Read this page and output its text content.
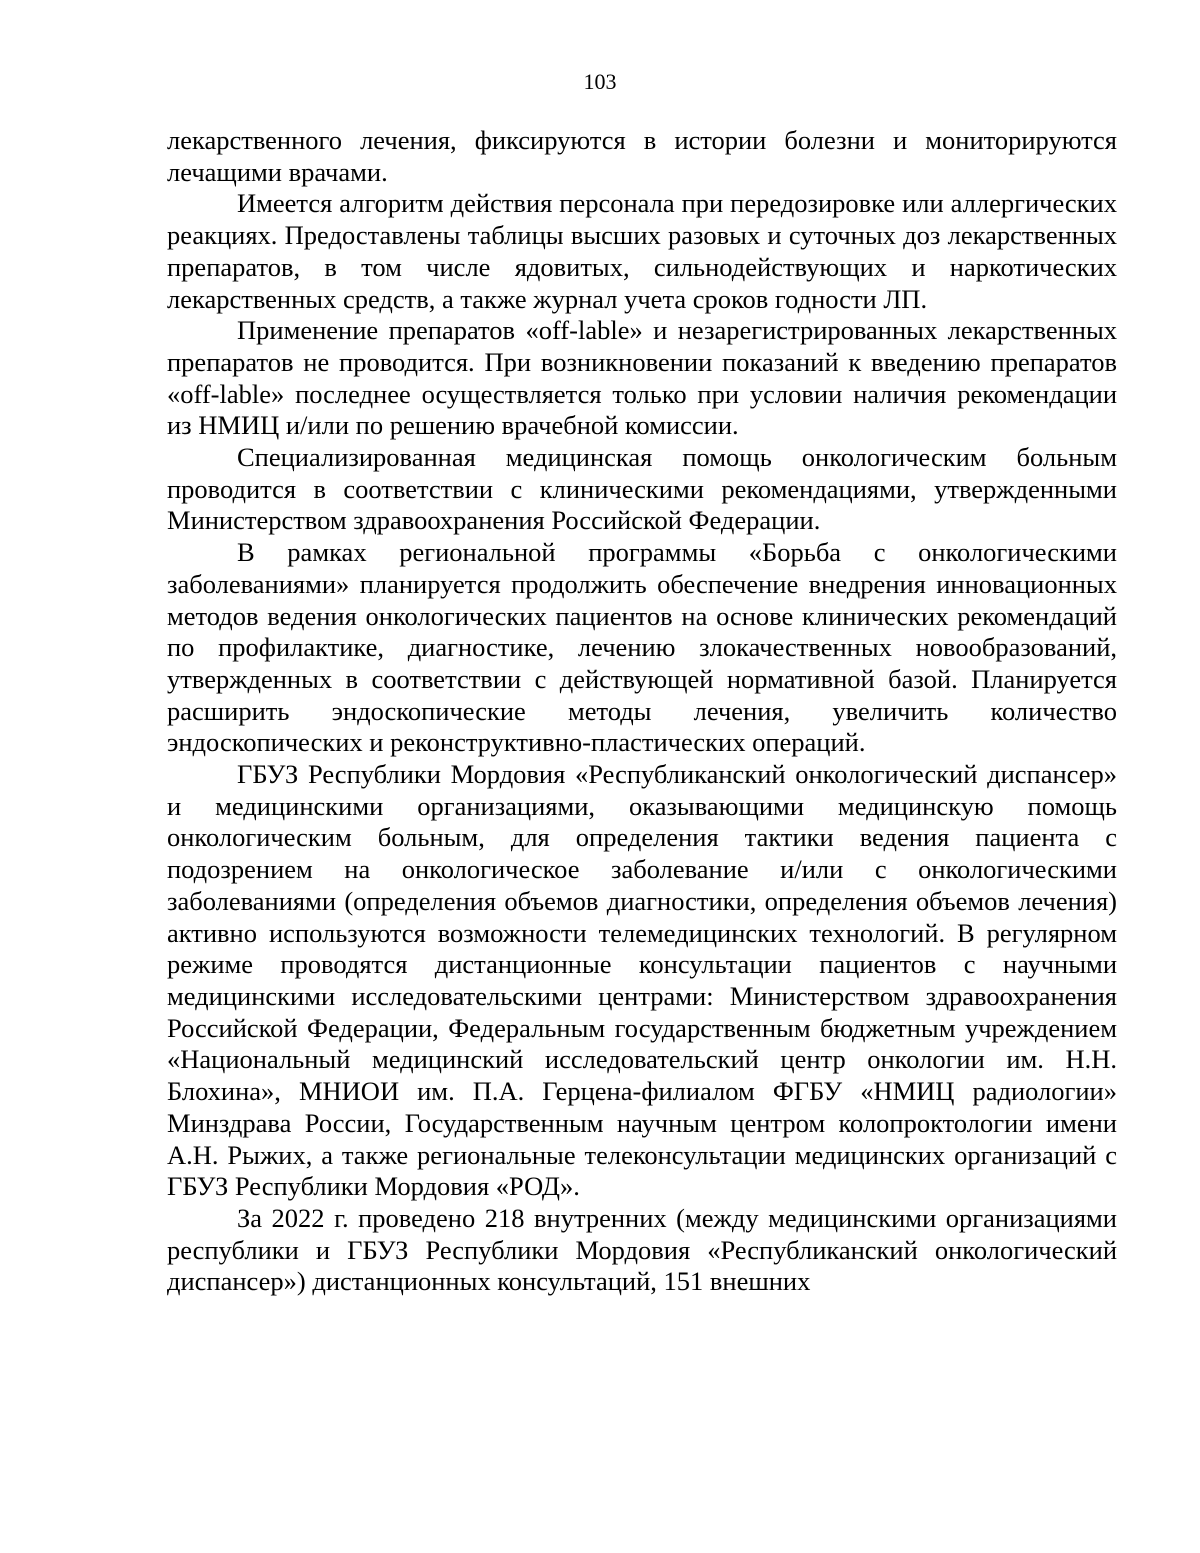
103

лекарственного лечения, фиксируются в истории болезни и мониторируются лечащими врачами.

Имеется алгоритм действия персонала при передозировке или аллергических реакциях. Предоставлены таблицы высших разовых и суточных доз лекарственных препаратов, в том числе ядовитых, сильнодействующих и наркотических лекарственных средств, а также журнал учета сроков годности ЛП.

Применение препаратов «off-lable» и незарегистрированных лекарственных препаратов не проводится. При возникновении показаний к введению препаратов «off-lable» последнее осуществляется только при условии наличия рекомендации из НМИЦ и/или по решению врачебной комиссии.

Специализированная медицинская помощь онкологическим больным проводится в соответствии с клиническими рекомендациями, утвержденными Министерством здравоохранения Российской Федерации.

В рамках региональной программы «Борьба с онкологическими заболеваниями» планируется продолжить обеспечение внедрения инновационных методов ведения онкологических пациентов на основе клинических рекомендаций по профилактике, диагностике, лечению злокачественных новообразований, утвержденных в соответствии с действующей нормативной базой. Планируется расширить эндоскопические методы лечения, увеличить количество эндоскопических и реконструктивно-пластических операций.

ГБУЗ Республики Мордовия «Республиканский онкологический диспансер» и медицинскими организациями, оказывающими медицинскую помощь онкологическим больным, для определения тактики ведения пациента с подозрением на онкологическое заболевание и/или с онкологическими заболеваниями (определения объемов диагностики, определения объемов лечения) активно используются возможности телемедицинских технологий. В регулярном режиме проводятся дистанционные консультации пациентов с научными медицинскими исследовательскими центрами: Министерством здравоохранения Российской Федерации, Федеральным государственным бюджетным учреждением «Национальный медицинский исследовательский центр онкологии им. Н.Н. Блохина», МНИОИ им. П.А. Герцена-филиалом ФГБУ «НМИЦ радиологии» Минздрава России, Государственным научным центром колопроктологии имени А.Н. Рыжих, а также региональные телеконсультации медицинских организаций с ГБУЗ Республики Мордовия «РОД».

За 2022 г. проведено 218 внутренних (между медицинскими организациями республики и ГБУЗ Республики Мордовия «Республиканский онкологический диспансер») дистанционных консультаций, 151 внешних
